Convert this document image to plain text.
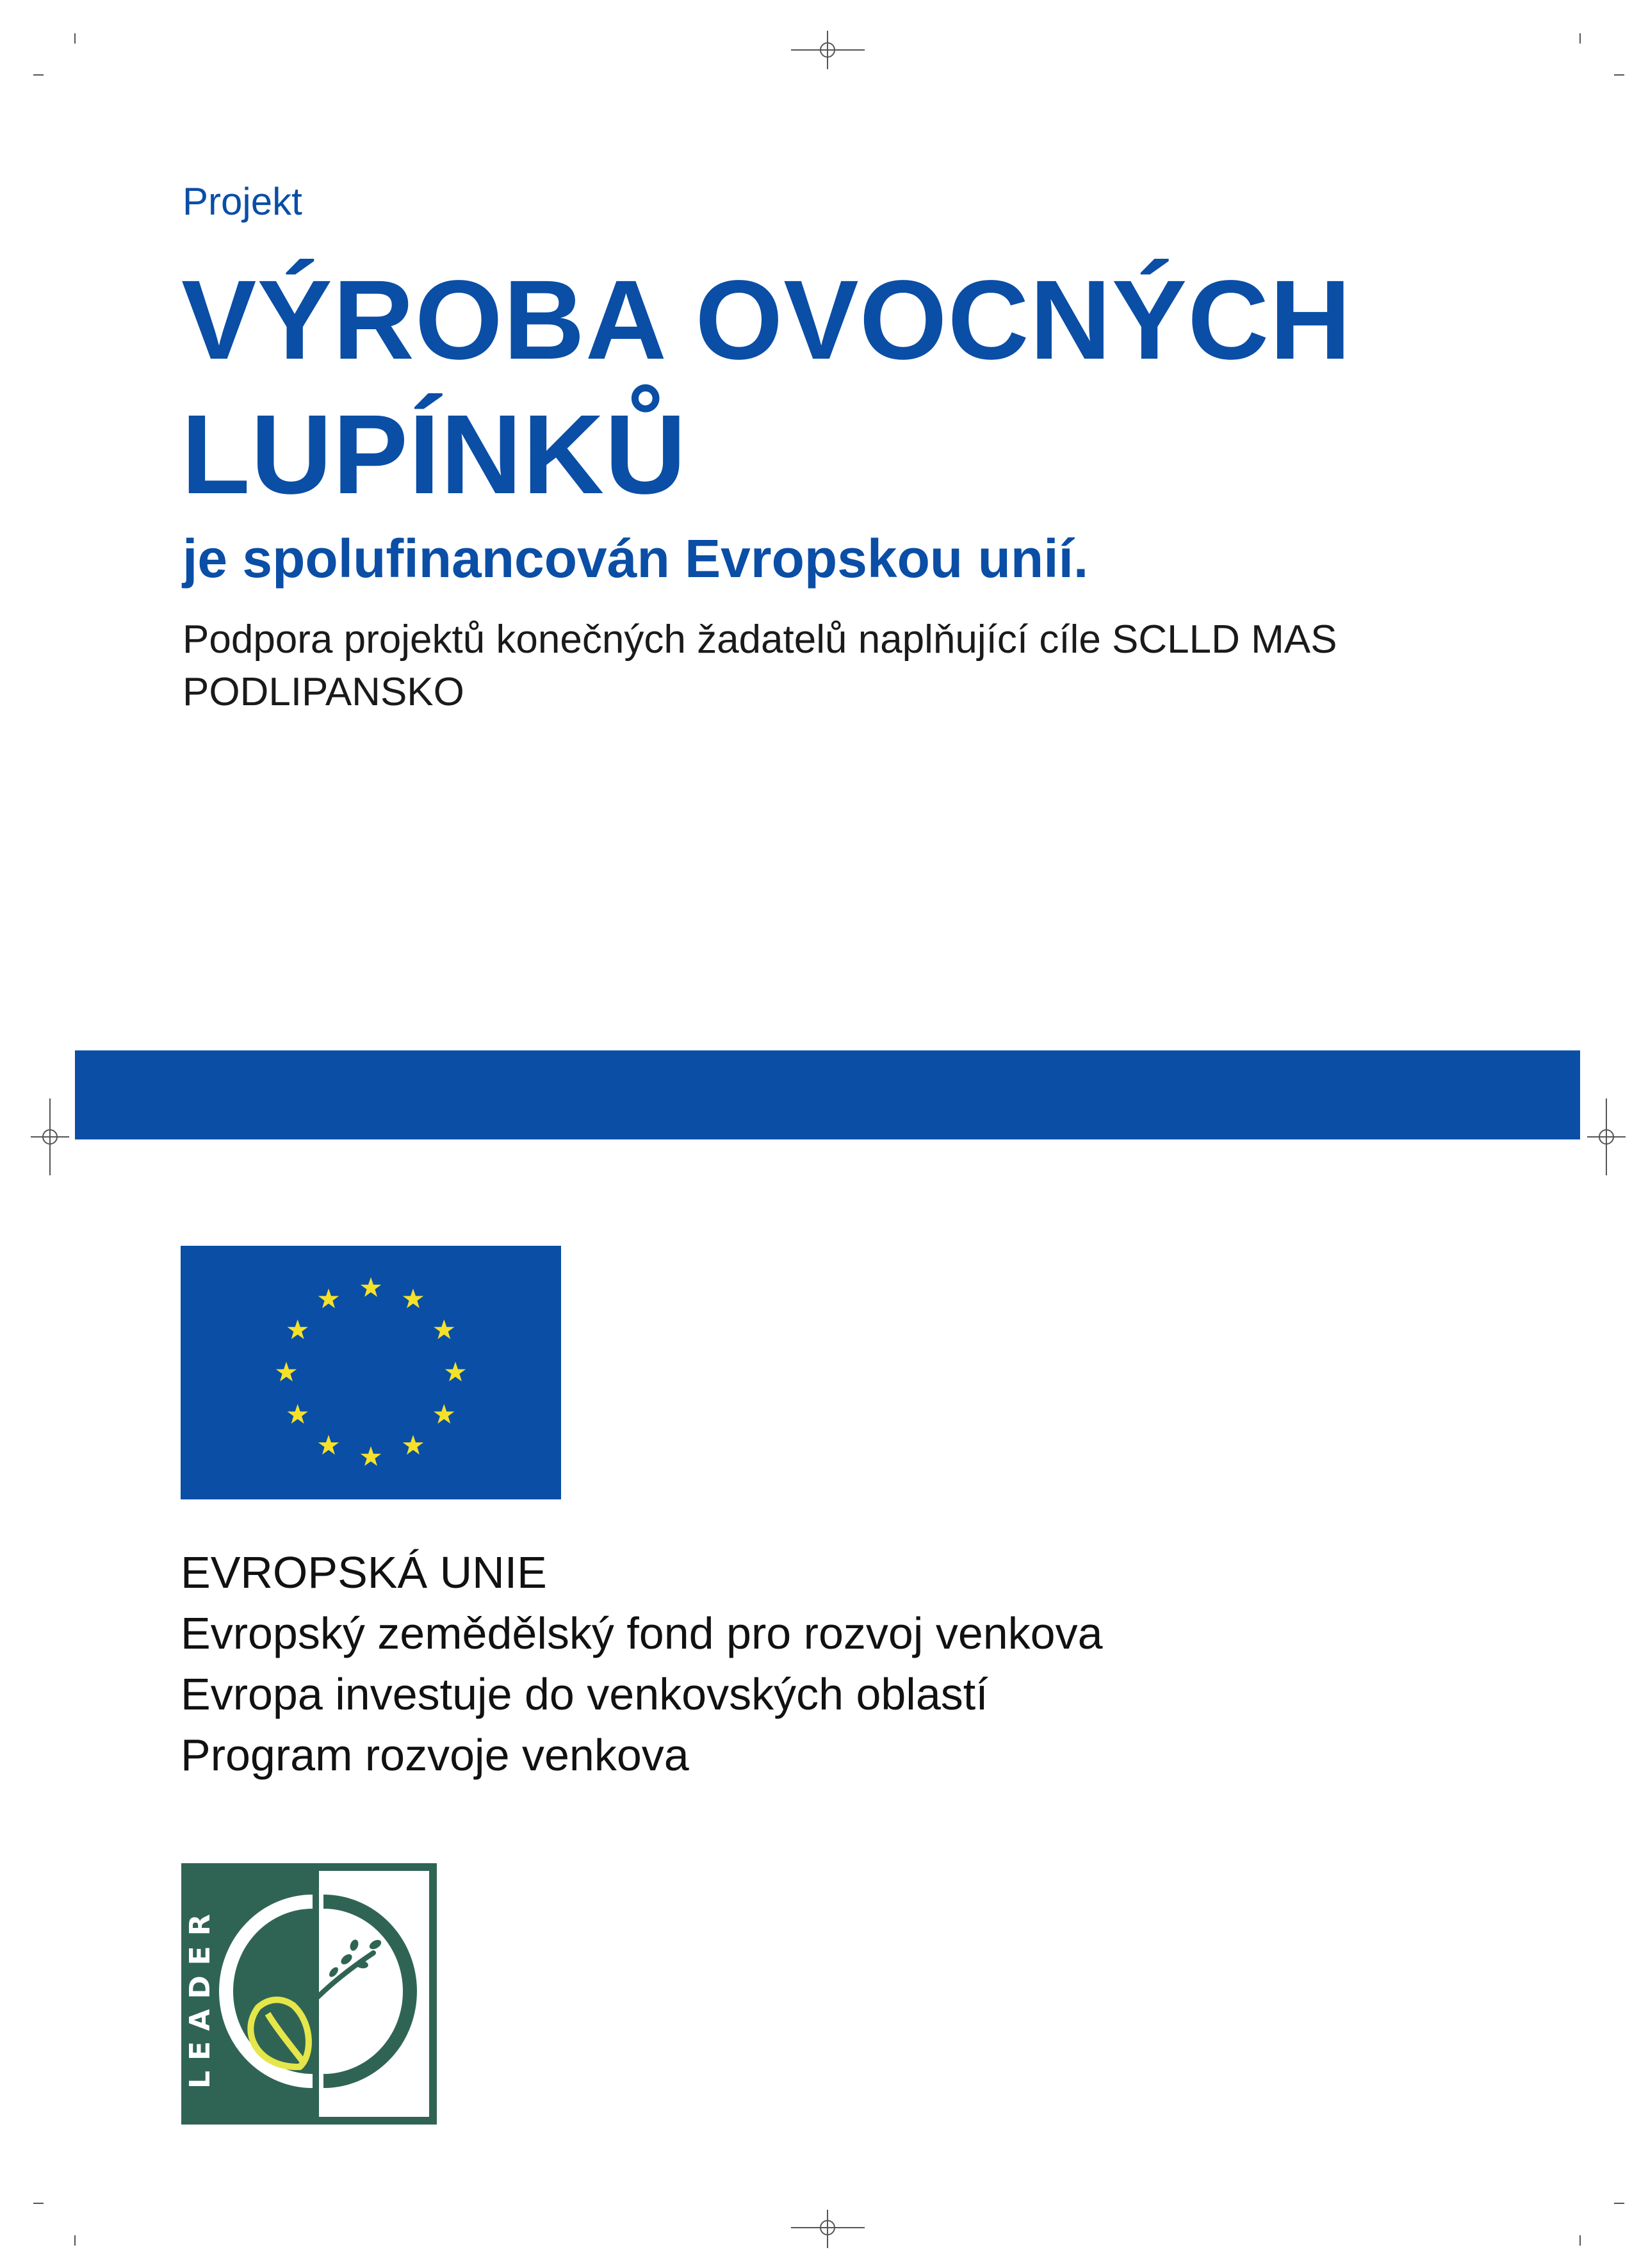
Projekt
VÝROBA OVOCNÝCH
LUPÍNKŮ
je spolufinancován Evropskou unií.
Podpora projektů konečných žadatelů naplňující cíle SCLLD MAS
PODLIPANSKO
EVROPSKÁ UNIE
Evropský zemědělský fond pro rozvoj venkova
Evropa investuje do venkovských oblastí
Program rozvoje venkova
LEADER
